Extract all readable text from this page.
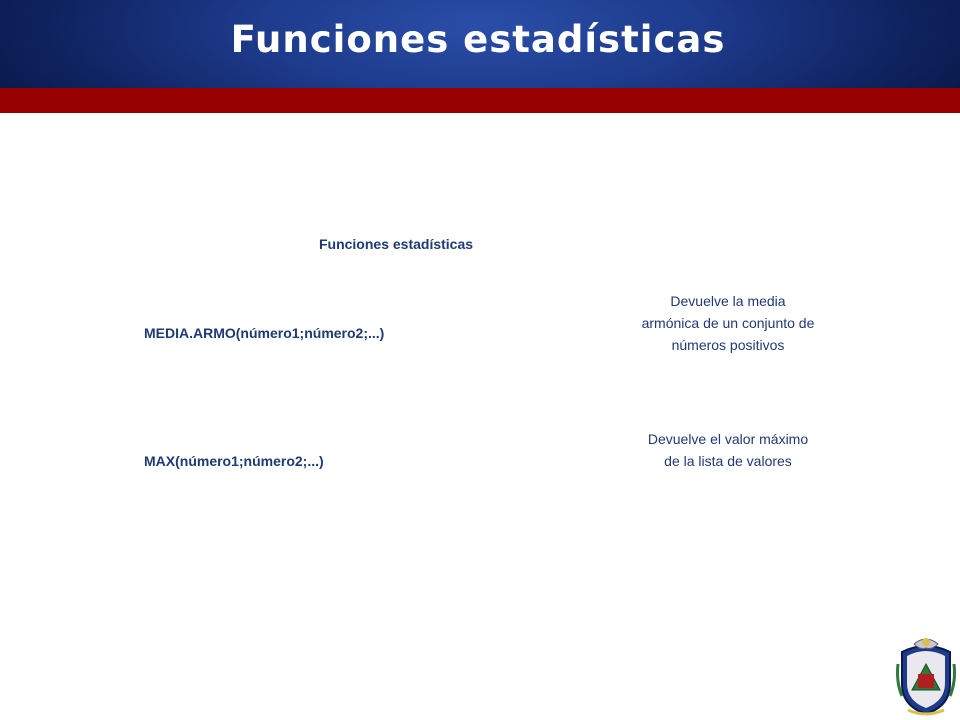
Funciones estadísticas
Funciones estadísticas
MEDIA.ARMO(número1;número2;...)
Devuelve la media armónica de un conjunto de números positivos
MAX(número1;número2;...)
Devuelve el valor máximo de la lista de valores
